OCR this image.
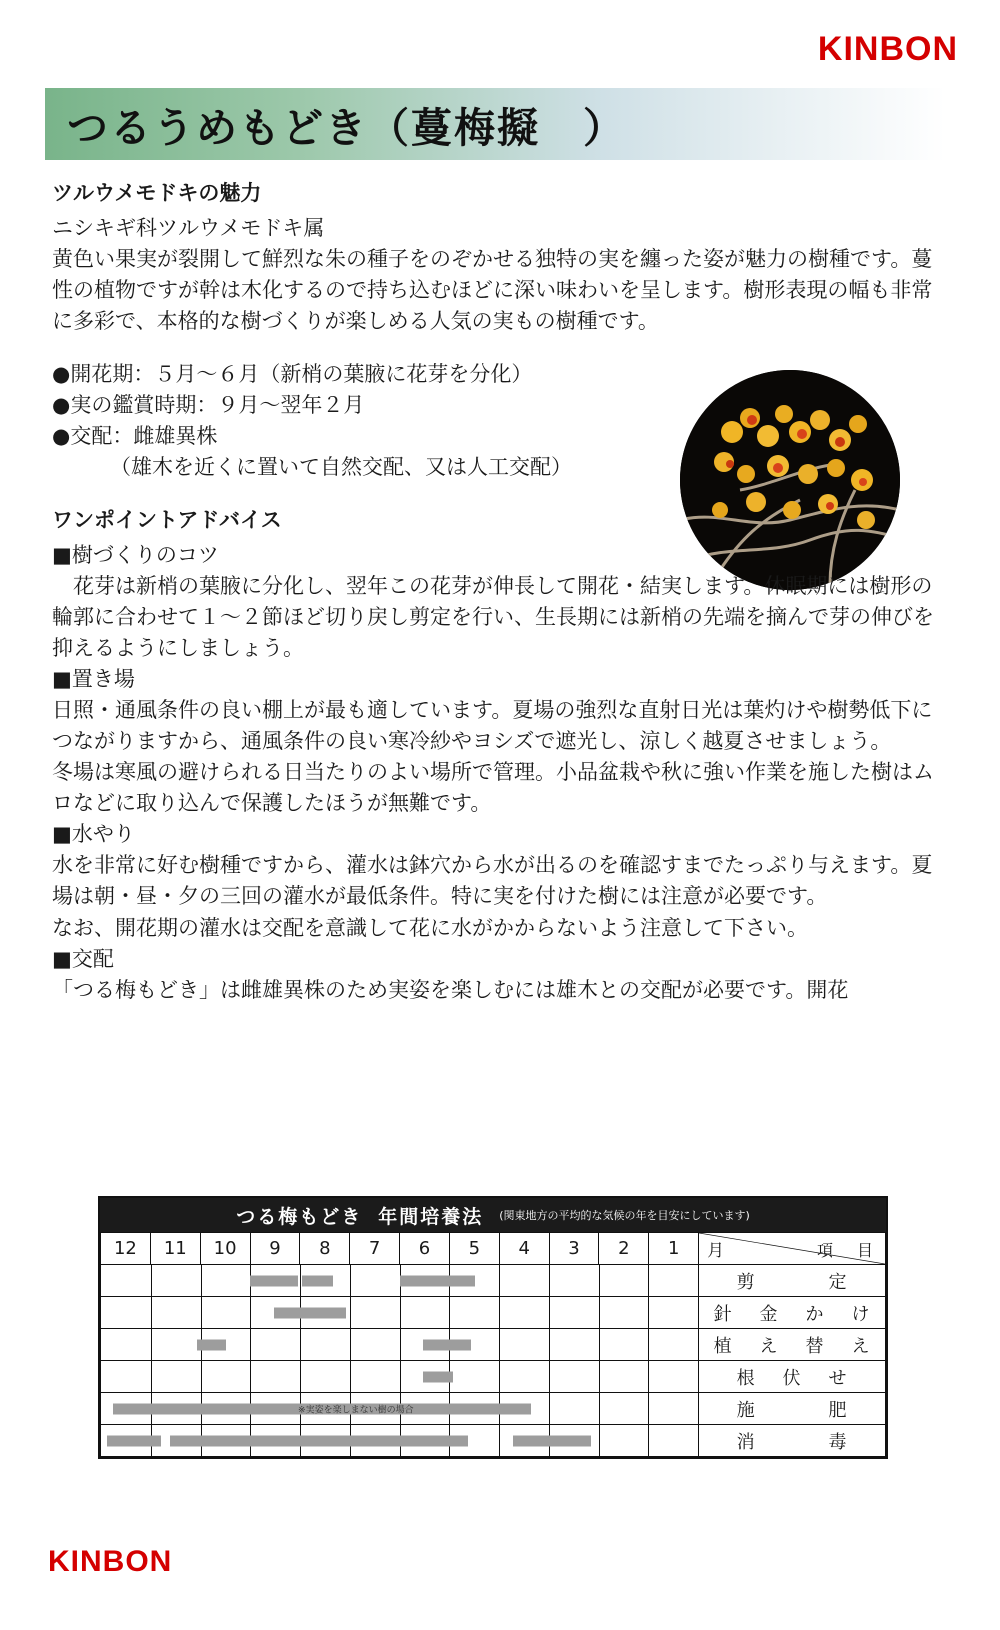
KINBON
つるうめもどき（蔓梅擬　）
ツルウメモドキの魅力
ニシキギ科ツルウメモドキ属
黄色い果実が裂開して鮮烈な朱の種子をのぞかせる独特の実を纏った姿が魅力の樹種です。蔓性の植物ですが幹は木化するので持ち込むほどに深い味わいを呈します。樹形表現の幅も非常に多彩で、本格的な樹づくりが楽しめる人気の実もの樹種です。
●開花期：５月〜６月（新梢の葉腋に花芽を分化）
●実の鑑賞時期：９月〜翌年２月
●交配：雌雄異株
（雄木を近くに置いて自然交配、又は人工交配）
ワンポイントアドバイス
■樹づくりのコツ
花芽は新梢の葉腋に分化し、翌年この花芽が伸長して開花・結実します。休眠期には樹形の輪郭に合わせて１〜２節ほど切り戻し剪定を行い、生長期には新梢の先端を摘んで芽の伸びを抑えるようにしましょう。
■置き場
日照・通風条件の良い棚上が最も適しています。夏場の強烈な直射日光は葉灼けや樹勢低下につながりますから、通風条件の良い寒冷紗やヨシズで遮光し、涼しく越夏させましょう。
冬場は寒風の避けられる日当たりのよい場所で管理。小品盆栽や秋に強い作業を施した樹はムロなどに取り込んで保護したほうが無難です。
■水やり
水を非常に好む樹種ですから、灌水は鉢穴から水が出るのを確認すまでたっぷり与えます。夏場は朝・昼・夕の三回の灌水が最低条件。特に実を付けた樹には注意が必要です。
なお、開花期の灌水は交配を意識して花に水がかからないよう注意して下さい。
■交配
「つる梅もどき」は雌雄異株のため実姿を楽しむには雄木との交配が必要です。開花
つる梅もどき 年間培養法 (関東地方の平均的な気候の年を目安にしています)
12	11	10	9	8	7	6	5	4	3	2	1	月 項　目

												剪　　　定

												針　金　か　け

												植　え　替　え

												根　伏　せ

※実姿を楽しまない樹の場合												施　　　肥

												消　　　毒
KINBON
